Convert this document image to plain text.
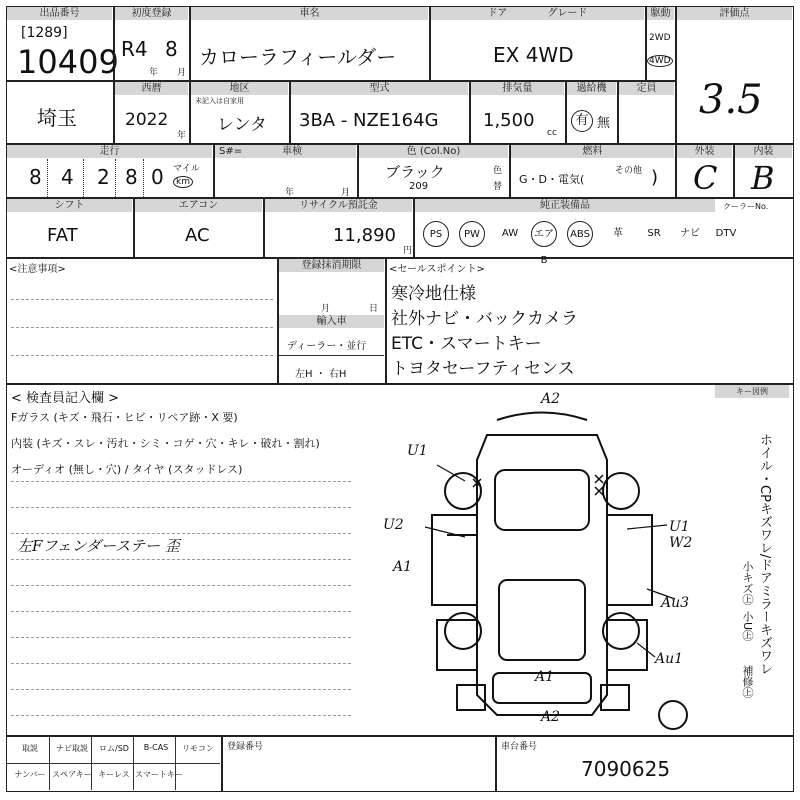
出品番号
[1289]
10409
初度登録
R4 8
年 月
車名
カローラフィールダー
ドア　　　　	グレード
EX 4WD
駆動
2WD
4WD
評価点
3.5
埼玉
西暦
2022
年
地区
未記入は自家用
レンタ
型式
3BA - NZE164G
排気量
1,500
cc
過給機
有 無
定員
走行
8 4 2 8 0 マイル
km
S#=　　　　	車検
年	月
色 (Col.No)
ブラック
209
色
替
燃料
G・D・電気(
その他 )
外装
C
内装
B
シフト
FAT
エアコン
AC
リサイクル預託金
11,890
円
純正装備品	クーラーNo.
PS	PW	AW	エアB
ABS	革	SR	ナビ	DTV
<注意事項>	登録抹消期限
月	日
輸入車
ディーラー・並行
左H ・ 右H
<セールスポイント>
寒冷地仕様
社外ナビ・バックカメラ
ETC・スマートキー
トヨタセーフティセンス
< 検査員記入欄 >
Fガラス (キズ・飛石・ヒビ・リペア跡・X 要)
内装 (キズ・スレ・汚れ・シミ・コゲ・穴・キレ・破れ・割れ)
オーディオ (無し・穴) / タイヤ (スタッドレス)
左Fフェンダーステー 歪
A2
U1
U2
A1
U1
W2
Au3
Au1
A1
A2
キー図例
ホイル・CPキズワレ/ドアミラーキズワレ
小キズ㊤
小U㊤
補修㊤
取説	ナビ取説	ロム/SD	B-CAS	リモコン
ナンバー スペアキー キーレス スマートキー
登録番号	車台番号
7090625
